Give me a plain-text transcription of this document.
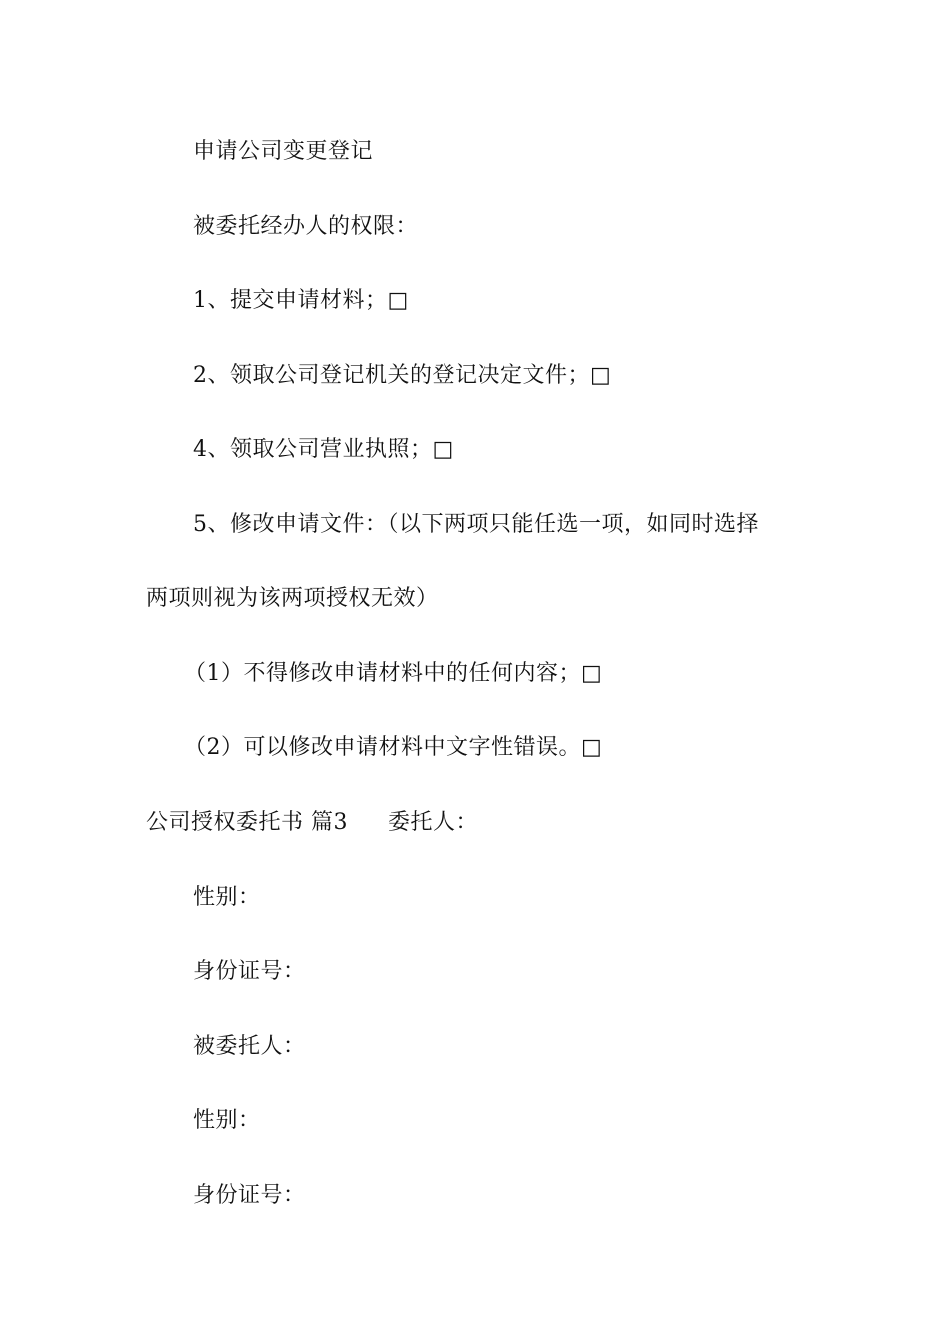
申请公司变更登记
被委托经办人的权限：
1、提交申请材料；□
2、领取公司登记机关的登记决定文件；□
4、领取公司营业执照；□
5、修改申请文件：（以下两项只能任选一项，如同时选择
两项则视为该两项授权无效）
（1）不得修改申请材料中的任何内容；□
（2）可以修改申请材料中文字性错误。□
公司授权委托书 篇3 委托人：
性别：
身份证号：
被委托人：
性别：
身份证号：
